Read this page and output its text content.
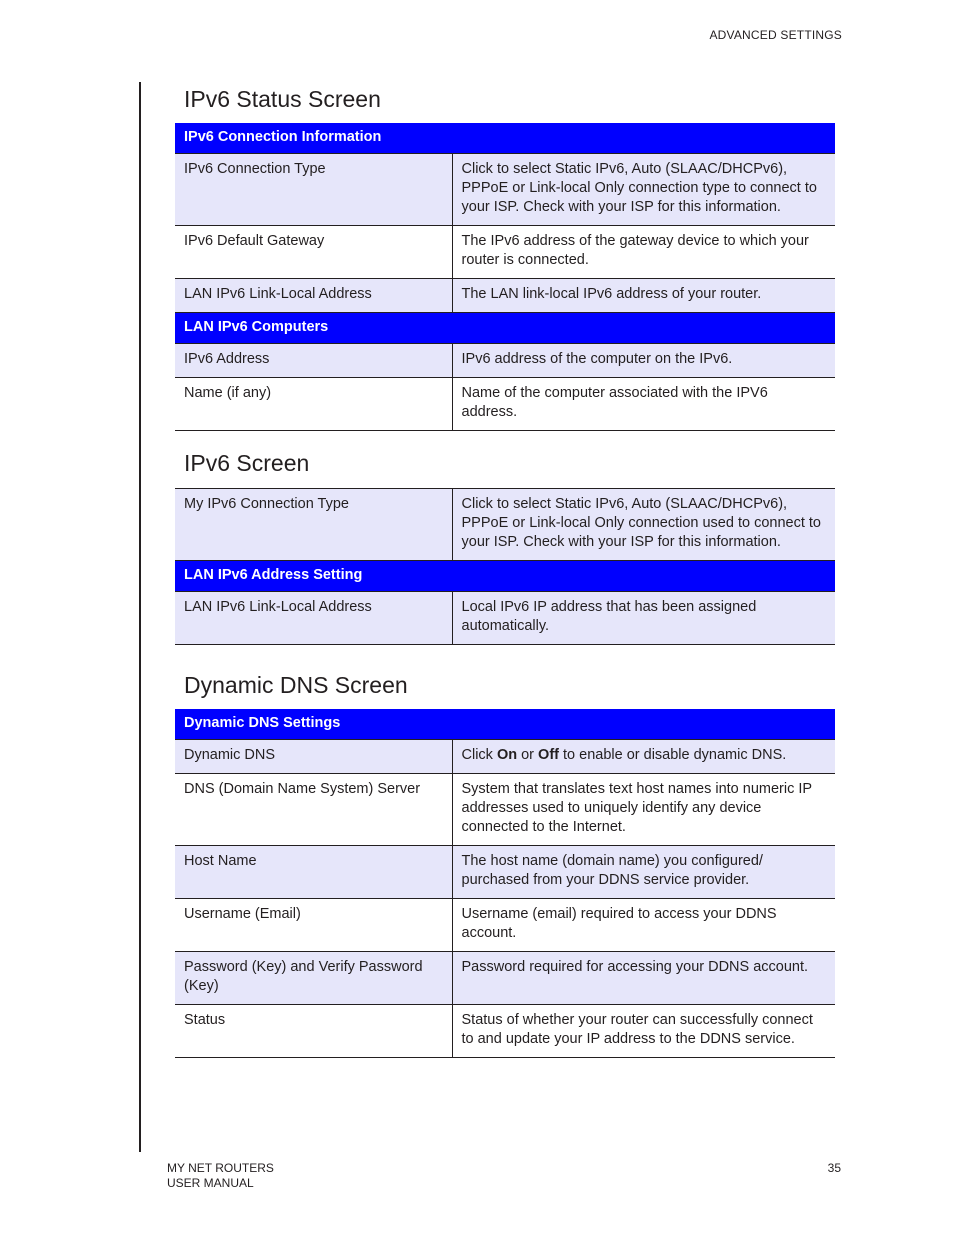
ADVANCED SETTINGS
IPv6 Status Screen
IPv6 Connection Information	
IPv6 Connection Type	Click to select Static IPv6, Auto (SLAAC/DHCPv6), PPPoE or Link-local Only connection type to connect to your ISP. Check with your ISP for this information.
IPv6 Default Gateway	The IPv6 address of the gateway device to which your router is connected.
LAN IPv6 Link-Local Address	The LAN link-local IPv6 address of your router.
LAN IPv6 Computers	
IPv6 Address	IPv6 address of the computer on the IPv6.
Name (if any)	Name of the computer associated with the IPV6 address.
IPv6 Screen
My IPv6 Connection Type	Click to select Static IPv6, Auto (SLAAC/DHCPv6), PPPoE or Link-local Only connection used to connect to your ISP. Check with your ISP for this information.
LAN IPv6 Address Setting	
LAN IPv6 Link-Local Address	Local IPv6 IP address that has been assigned automatically.
Dynamic DNS Screen
Dynamic DNS Settings	
Dynamic DNS	Click On or Off to enable or disable dynamic DNS.
DNS (Domain Name System) Server	System that translates text host names into numeric IP addresses used to uniquely identify any device connected to the Internet.
Host Name	The host name (domain name) you configured/ purchased from your DDNS service provider.
Username (Email)	Username (email) required to access your DDNS account.
Password (Key) and Verify Password (Key)	Password required for accessing your DDNS account.
Status	Status of whether your router can successfully connect to and update your IP address to the DDNS service.
MY NET ROUTERS
USER MANUAL
35
